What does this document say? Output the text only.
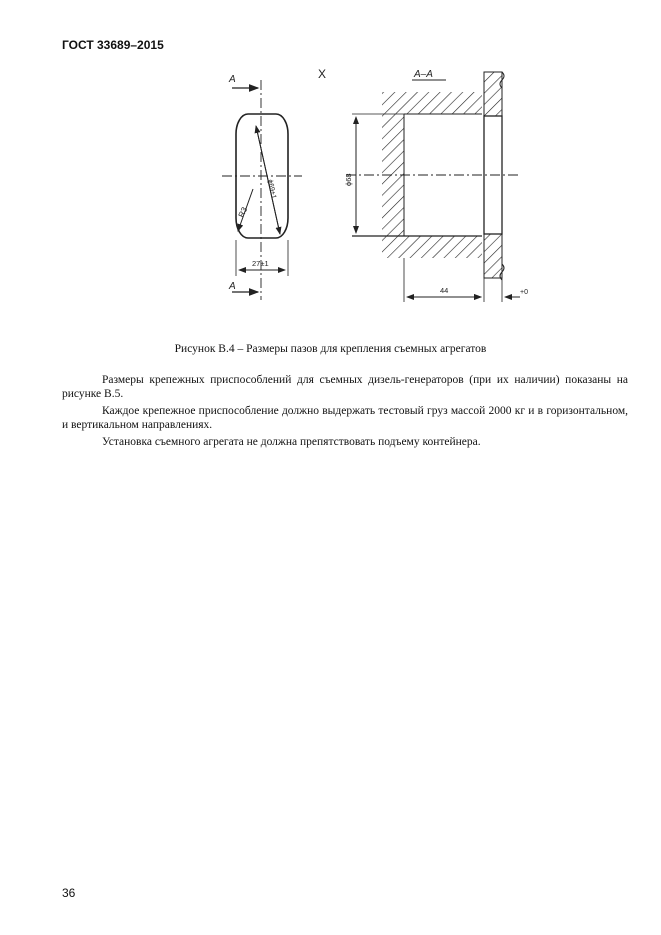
ГОСТ 33689–2015
A
A
X
R3
ϕ69±1
27±1
A–A
ϕ68
44	+0
Рисунок В.4 – Размеры пазов для крепления съемных агрегатов

Размеры крепежных приспособлений для съемных дизель-генераторов (при их наличии) показаны на рисунке В.5.

Каждое крепежное приспособление должно выдержать тестовый груз массой 2000 кг и в горизонтальном, и вертикальном направлениях.

Установка съемного агрегата не должна препятствовать подъему контейнера.

36
